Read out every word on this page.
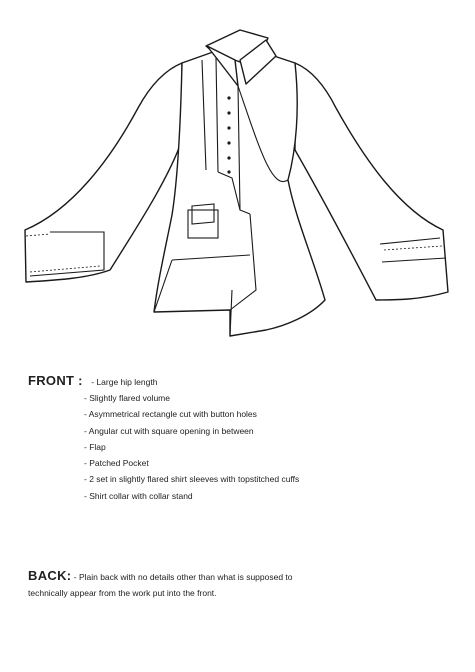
FRONT : - Large hip length
- Slightly flared volume
- Asymmetrical rectangle cut with button holes
- Angular cut with square opening in between
- Flap
- Patched Pocket
- 2 set in slightly flared shirt sleeves with topstitched cuffs
- Shirt collar with collar stand
BACK: - Plain back with no details other than what is supposed to
technically appear from the work put into the front.
